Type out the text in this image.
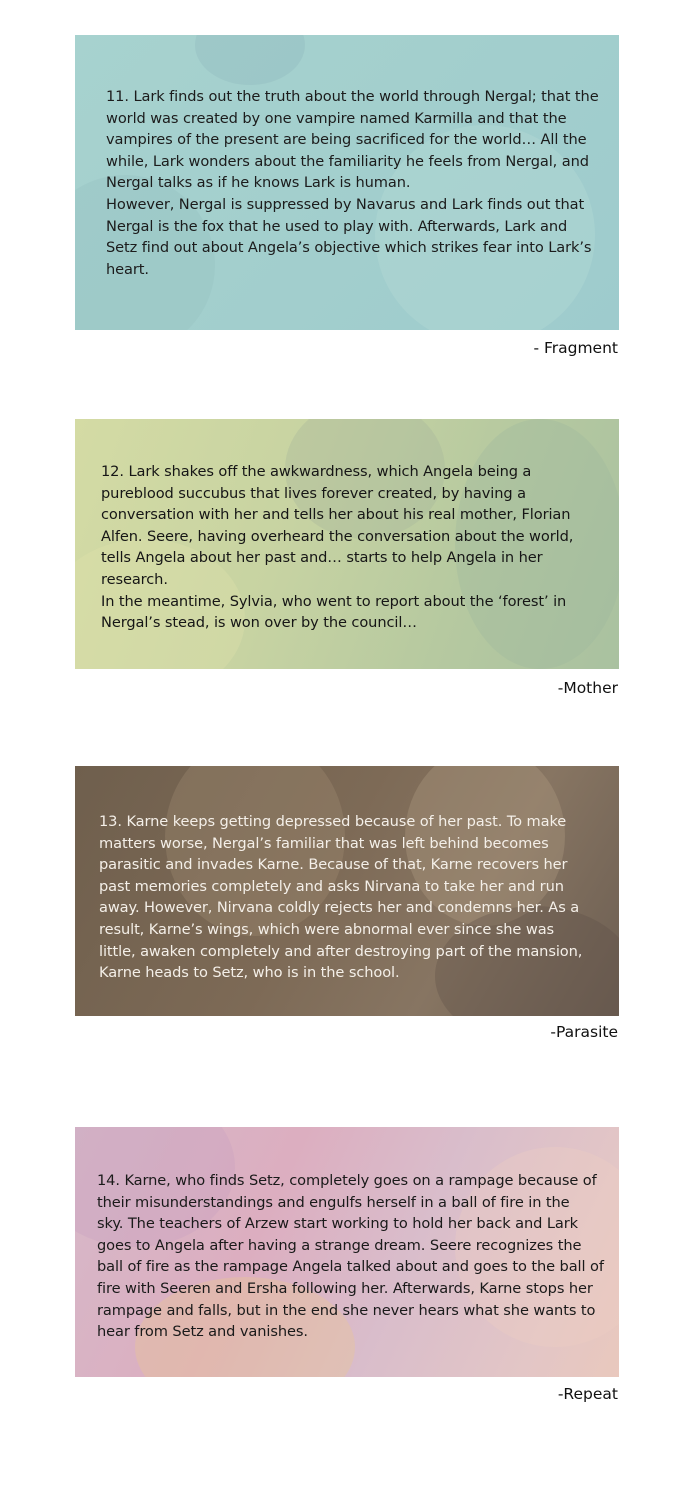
11. Lark finds out the truth about the world through Nergal; that the
world was created by one vampire named Karmilla and that the
vampires of the present are being sacrificed for the world… All the
while, Lark wonders about the familiarity he feels from Nergal, and
Nergal talks as if he knows Lark is human.
However, Nergal is suppressed by Navarus and Lark finds out that
Nergal is the fox that he used to play with. Afterwards, Lark and
Setz find out about Angela’s objective which strikes fear into Lark’s
heart.
- Fragment
12. Lark shakes off the awkwardness, which Angela being a
pureblood succubus that lives forever created, by having a
conversation with her and tells her about his real mother, Florian
Alfen. Seere, having overheard the conversation about the world,
tells Angela about her past and… starts to help Angela in her
research.
In the meantime, Sylvia, who went to report about the ‘forest’ in
Nergal’s stead, is won over by the council…
-Mother
13. Karne keeps getting depressed because of her past. To make
matters worse, Nergal’s familiar that was left behind becomes
parasitic and invades Karne. Because of that, Karne recovers her
past memories completely and asks Nirvana to take her and run
away. However, Nirvana coldly rejects her and condemns her. As a
result, Karne’s wings, which were abnormal ever since she was
little, awaken completely and after destroying part of the mansion,
Karne heads to Setz, who is in the school.
-Parasite
14. Karne, who finds Setz, completely goes on a rampage because of
their misunderstandings and engulfs herself in a ball of fire in the
sky. The teachers of Arzew start working to hold her back and Lark
goes to Angela after having a strange dream. Seere recognizes the
ball of fire as the rampage Angela talked about and goes to the ball of
fire with Seeren and Ersha following her. Afterwards, Karne stops her
rampage and falls, but in the end she never hears what she wants to
hear from Setz and vanishes.
-Repeat
